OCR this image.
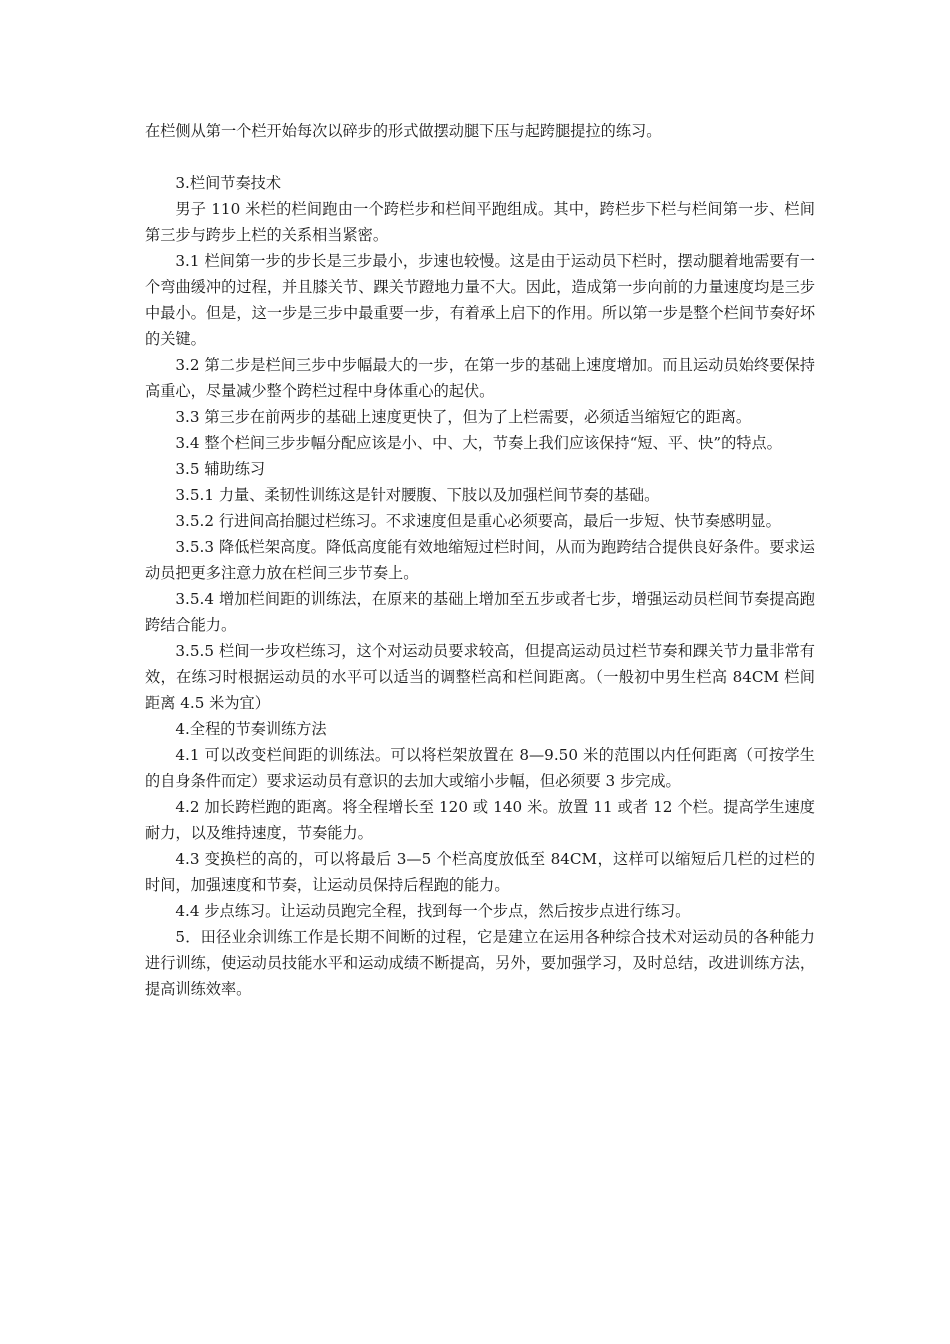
在栏侧从第一个栏开始每次以碎步的形式做摆动腿下压与起跨腿提拉的练习。

3.栏间节奏技术

男子 110 米栏的栏间跑由一个跨栏步和栏间平跑组成。其中，跨栏步下栏与栏间第一步、栏间第三步与跨步上栏的关系相当紧密。

3.1 栏间第一步的步长是三步最小，步速也较慢。这是由于运动员下栏时，摆动腿着地需要有一个弯曲缓冲的过程，并且膝关节、踝关节蹬地力量不大。因此，造成第一步向前的力量速度均是三步中最小。但是，这一步是三步中最重要一步，有着承上启下的作用。所以第一步是整个栏间节奏好坏的关键。

3.2 第二步是栏间三步中步幅最大的一步，在第一步的基础上速度增加。而且运动员始终要保持高重心，尽量减少整个跨栏过程中身体重心的起伏。

3.3 第三步在前两步的基础上速度更快了，但为了上栏需要，必须适当缩短它的距离。

3.4 整个栏间三步步幅分配应该是小、中、大，节奏上我们应该保持“短、平、快”的特点。

3.5 辅助练习

3.5.1 力量、柔韧性训练这是针对腰腹、下肢以及加强栏间节奏的基础。

3.5.2 行进间高抬腿过栏练习。不求速度但是重心必须要高，最后一步短、快节奏感明显。

3.5.3 降低栏架高度。降低高度能有效地缩短过栏时间，从而为跑跨结合提供良好条件。要求运动员把更多注意力放在栏间三步节奏上。

3.5.4 增加栏间距的训练法，在原来的基础上增加至五步或者七步，增强运动员栏间节奏提高跑跨结合能力。

3.5.5 栏间一步攻栏练习，这个对运动员要求较高，但提高运动员过栏节奏和踝关节力量非常有效，在练习时根据运动员的水平可以适当的调整栏高和栏间距离。（一般初中男生栏高 84CM 栏间距离 4.5 米为宜）

4.全程的节奏训练方法

4.1 可以改变栏间距的训练法。可以将栏架放置在 8—9.50 米的范围以内任何距离（可按学生的自身条件而定）要求运动员有意识的去加大或缩小步幅，但必须要 3 步完成。

4.2 加长跨栏跑的距离。将全程增长至 120 或 140 米。放置 11 或者 12 个栏。提高学生速度耐力，以及维持速度，节奏能力。

4.3 变换栏的高的，可以将最后 3—5 个栏高度放低至 84CM，这样可以缩短后几栏的过栏的时间，加强速度和节奏，让运动员保持后程跑的能力。

4.4 步点练习。让运动员跑完全程，找到每一个步点，然后按步点进行练习。

5．田径业余训练工作是长期不间断的过程，它是建立在运用各种综合技术对运动员的各种能力进行训练，使运动员技能水平和运动成绩不断提高，另外，要加强学习，及时总结，改进训练方法，提高训练效率。
